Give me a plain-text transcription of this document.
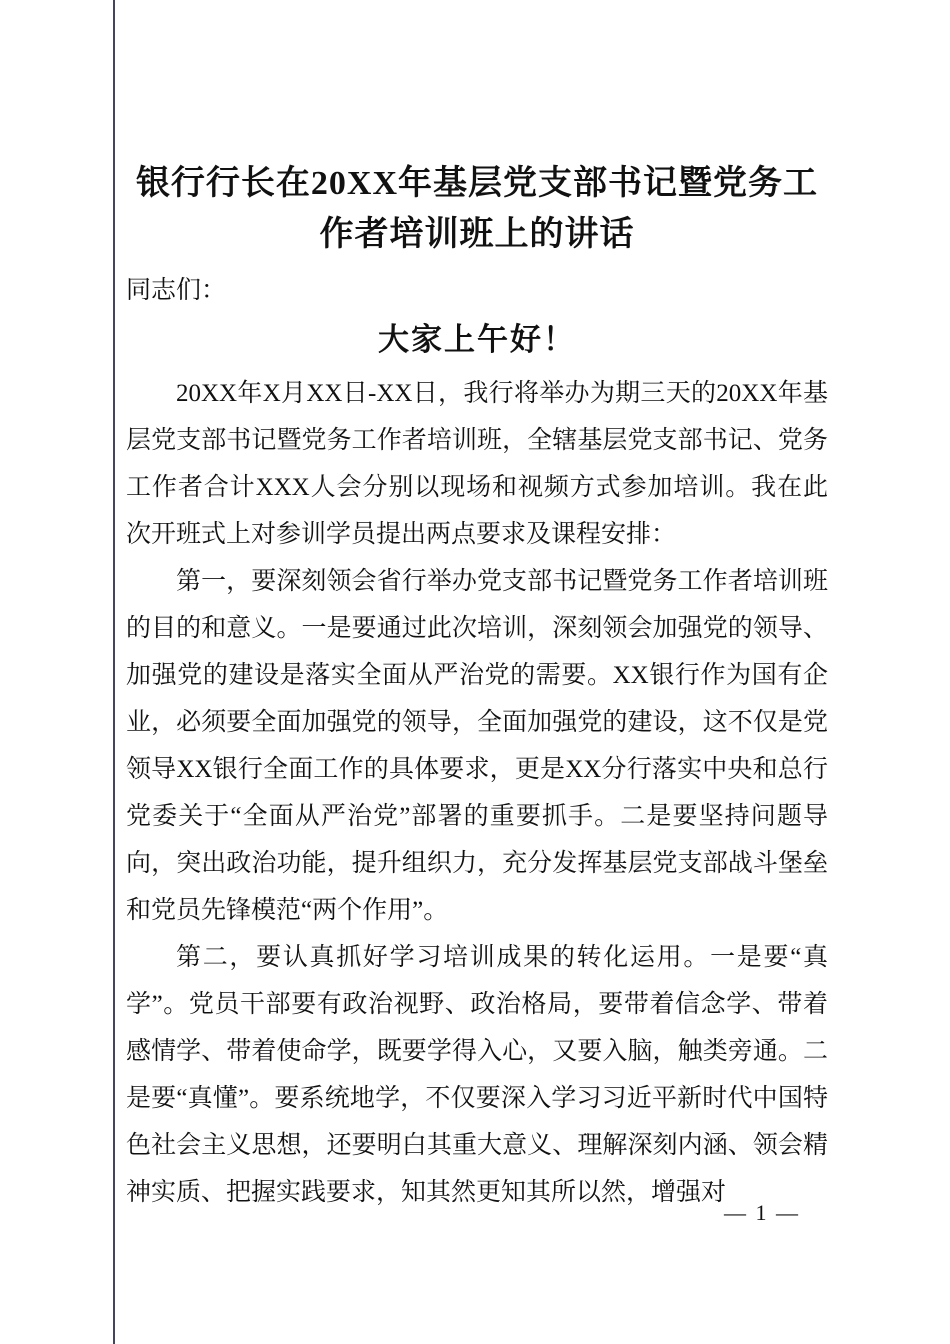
银行行长在20XX年基层党支部书记暨党务工作者培训班上的讲话

同志们：

大家上午好！

20XX年X月XX日-XX日，我行将举办为期三天的20XX年基层党支部书记暨党务工作者培训班，全辖基层党支部书记、党务工作者合计XXX人会分别以现场和视频方式参加培训。我在此次开班式上对参训学员提出两点要求及课程安排：

第一，要深刻领会省行举办党支部书记暨党务工作者培训班的目的和意义。一是要通过此次培训，深刻领会加强党的领导、加强党的建设是落实全面从严治党的需要。XX银行作为国有企业，必须要全面加强党的领导，全面加强党的建设，这不仅是党领导XX银行全面工作的具体要求，更是XX分行落实中央和总行党委关于“全面从严治党”部署的重要抓手。二是要坚持问题导向，突出政治功能，提升组织力，充分发挥基层党支部战斗堡垒和党员先锋模范“两个作用”。

第二，要认真抓好学习培训成果的转化运用。一是要“真学”。党员干部要有政治视野、政治格局，要带着信念学、带着感情学、带着使命学，既要学得入心，又要入脑，触类旁通。二是要“真懂”。要系统地学，不仅要深入学习习近平新时代中国特色社会主义思想，还要明白其重大意义、理解深刻内涵、领会精神实质、把握实践要求，知其然更知其所以然，增强对

— 1 —
